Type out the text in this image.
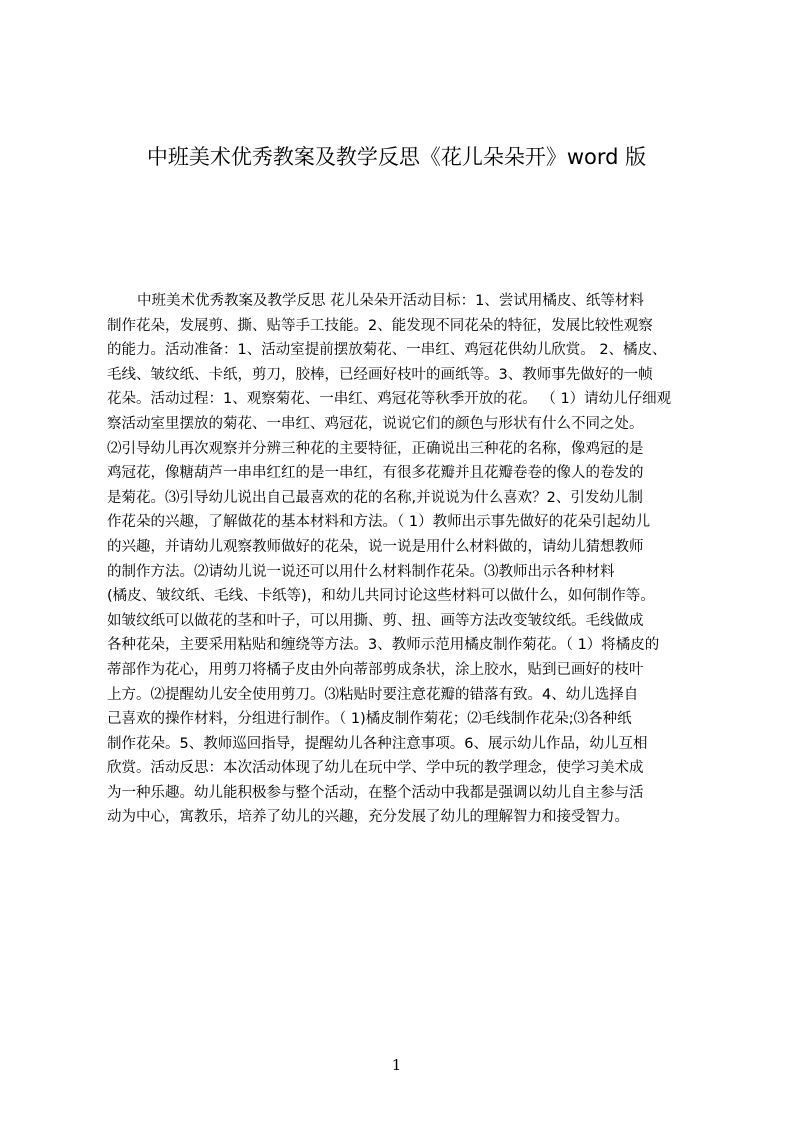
中班美术优秀教案及教学反思《花儿朵朵开》word 版
中班美术优秀教案及教学反思 花儿朵朵开活动目标：1、尝试用橘皮、纸等材料
制作花朵，发展剪、撕、贴等手工技能。2、能发现不同花朵的特征，发展比较性观察
的能力。活动准备：1、活动室提前摆放菊花、一串红、鸡冠花供幼儿欣赏。 2、橘皮、
毛线、皱纹纸、卡纸，剪刀，胶棒，已经画好枝叶的画纸等。3、教师事先做好的一帧
花朵。活动过程：1、观察菊花、一串红、鸡冠花等秋季开放的花。 （ 1）请幼儿仔细观
察活动室里摆放的菊花、一串红、鸡冠花，说说它们的颜色与形状有什么不同之处。
⑵引导幼儿再次观察并分辨三种花的主要特征，正确说出三种花的名称，像鸡冠的是
鸡冠花，像糖葫芦一串串红红的是一串红，有很多花瓣并且花瓣卷卷的像人的卷发的
是菊花。⑶引导幼儿说出自己最喜欢的花的名称,并说说为什么喜欢？2、引发幼儿制
作花朵的兴趣，了解做花的基本材料和方法。（ 1）教师出示事先做好的花朵引起幼儿
的兴趣，并请幼儿观察教师做好的花朵，说一说是用什么材料做的，请幼儿猜想教师
的制作方法。⑵请幼儿说一说还可以用什么材料制作花朵。⑶教师出示各种材料
(橘皮、皱纹纸、毛线、卡纸等)，和幼儿共同讨论这些材料可以做什么，如何制作等。
如皱纹纸可以做花的茎和叶子，可以用撕、剪、扭、画等方法改变皱纹纸。毛线做成
各种花朵，主要采用粘贴和缠绕等方法。3、教师示范用橘皮制作菊花。（ 1）将橘皮的
蒂部作为花心，用剪刀将橘子皮由外向蒂部剪成条状，涂上胶水，贴到已画好的枝叶
上方。⑵提醒幼儿安全使用剪刀。⑶粘贴时要注意花瓣的错落有致。4、幼儿选择自
己喜欢的操作材料，分组进行制作。（ 1)橘皮制作菊花；⑵毛线制作花朵;⑶各种纸
制作花朵。5、教师巡回指导，提醒幼儿各种注意事项。6、展示幼儿作品，幼儿互相
欣赏。活动反思：本次活动体现了幼儿在玩中学、学中玩的教学理念，使学习美术成
为一种乐趣。幼儿能积极参与整个活动，在整个活动中我都是强调以幼儿自主参与活
动为中心，寓教乐，培养了幼儿的兴趣，充分发展了幼儿的理解智力和接受智力。
1
